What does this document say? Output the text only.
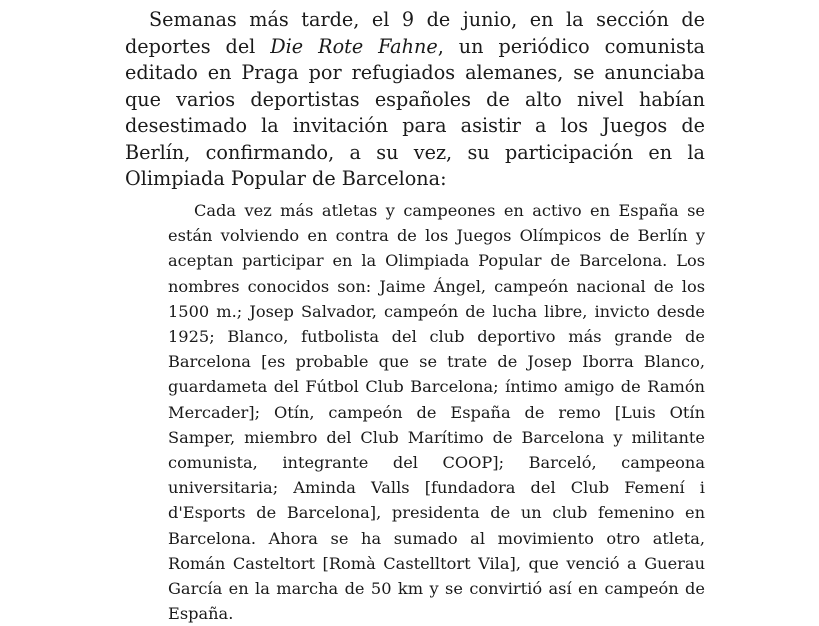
Semanas más tarde, el 9 de junio, en la sección de deportes del Die Rote Fahne, un periódico comunista editado en Praga por refugiados alemanes, se anunciaba que varios deportistas españoles de alto nivel habían desestimado la invitación para asistir a los Juegos de Berlín, confirmando, a su vez, su participación en la Olimpiada Popular de Barcelona:

Cada vez más atletas y campeones en activo en España se están volviendo en contra de los Juegos Olímpicos de Berlín y aceptan participar en la Olimpiada Popular de Barcelona. Los nombres conocidos son: Jaime Ángel, campeón nacional de los 1500 m.; Josep Salvador, campeón de lucha libre, invicto desde 1925; Blanco, futbolista del club deportivo más grande de Barcelona [es probable que se trate de Josep Iborra Blanco, guardameta del Fútbol Club Barcelona; íntimo amigo de Ramón Mercader]; Otín, campeón de España de remo [Luis Otín Samper, miembro del Club Marítimo de Barcelona y militante comunista, integrante del COOP]; Barceló, campeona universitaria; Aminda Valls [fundadora del Club Femení i d'Esports de Barcelona], presidenta de un club femenino en Barcelona. Ahora se ha sumado al movimiento otro atleta, Román Casteltort [Romà Castelltort Vila], que venció a Guerau García en la marcha de 50 km y se convirtió así en campeón de España.
